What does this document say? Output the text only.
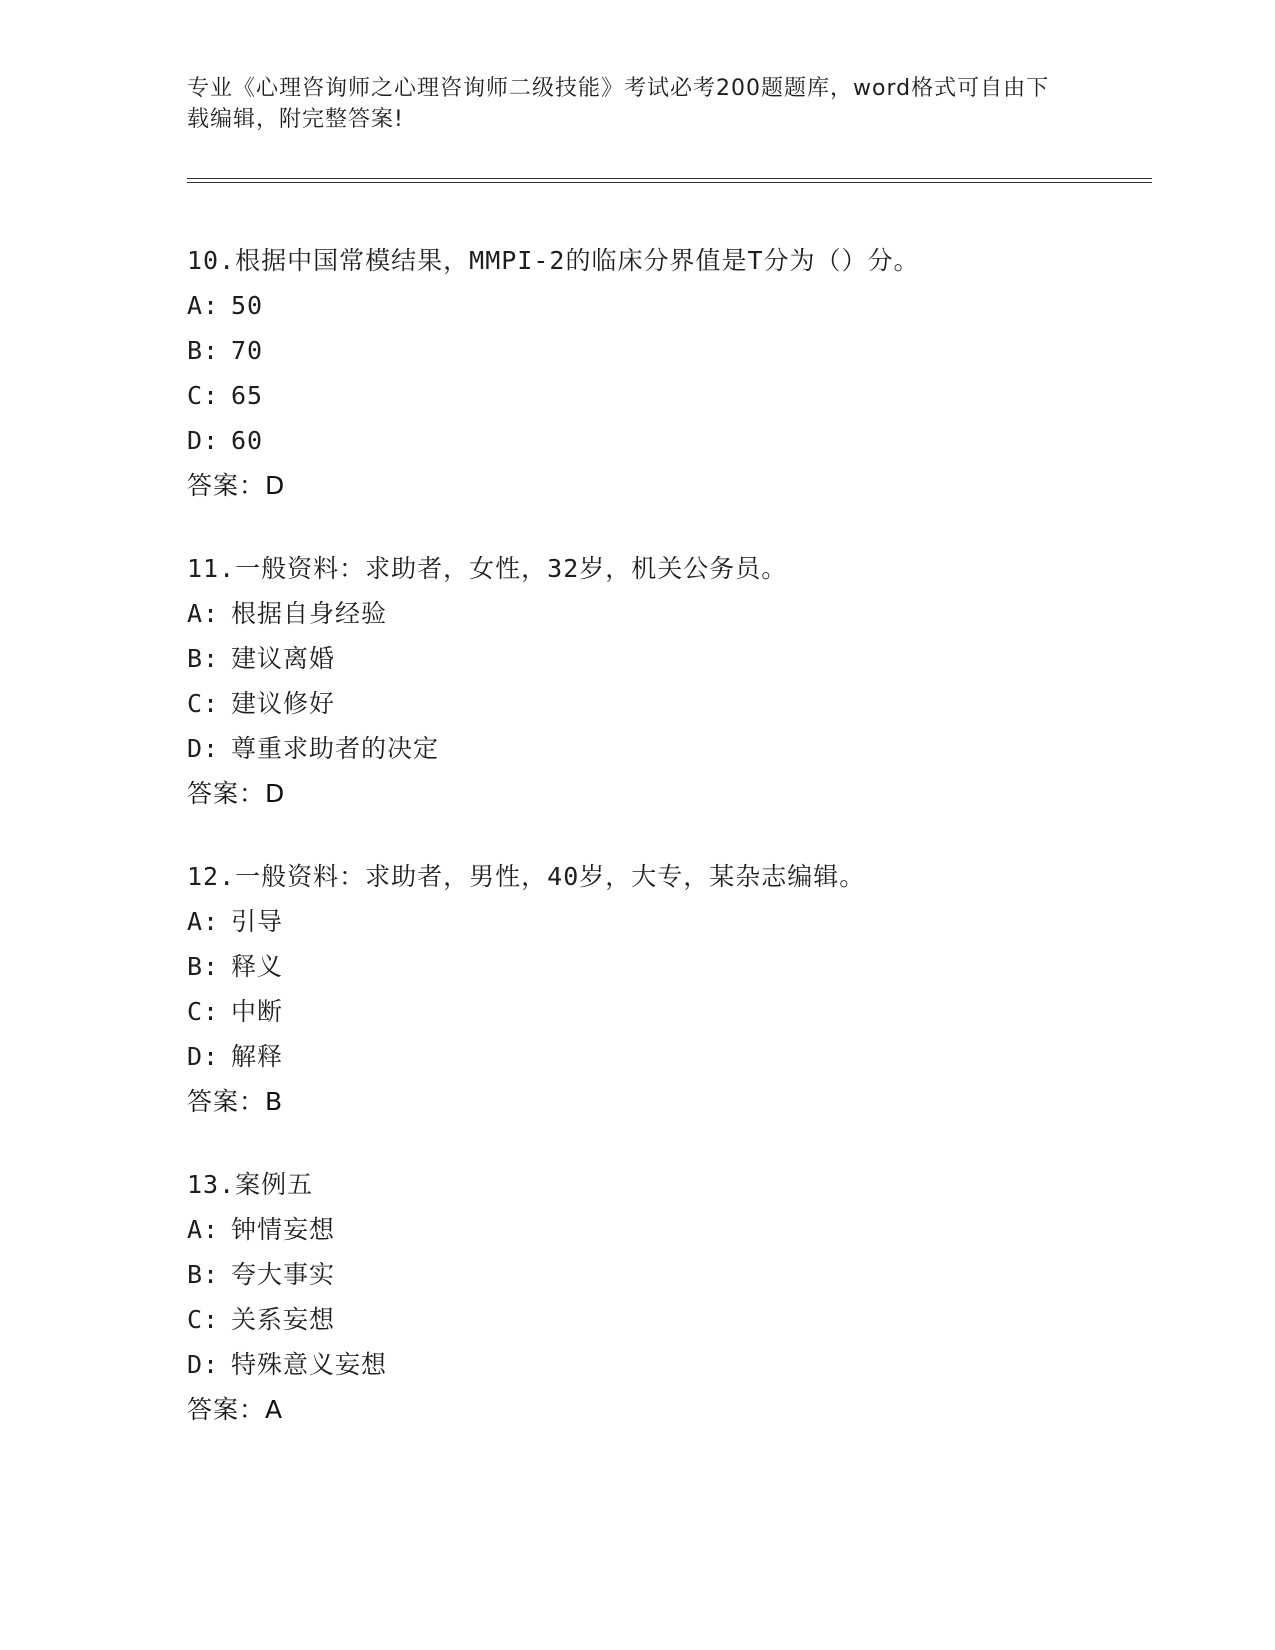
专业《心理咨询师之心理咨询师二级技能》考试必考200题题库，word格式可自由下载编辑，附完整答案!
10.根据中国常模结果，MMPI-2的临床分界值是T分为（）分。
A: 50
B: 70
C: 65
D: 60
答案：D
11.一般资料：求助者，女性，32岁，机关公务员。
A: 根据自身经验
B: 建议离婚
C: 建议修好
D: 尊重求助者的决定
答案：D
12.一般资料：求助者，男性，40岁，大专，某杂志编辑。
A: 引导
B: 释义
C: 中断
D: 解释
答案：B
13.案例五
A: 钟情妄想
B: 夸大事实
C: 关系妄想
D: 特殊意义妄想
答案：A
